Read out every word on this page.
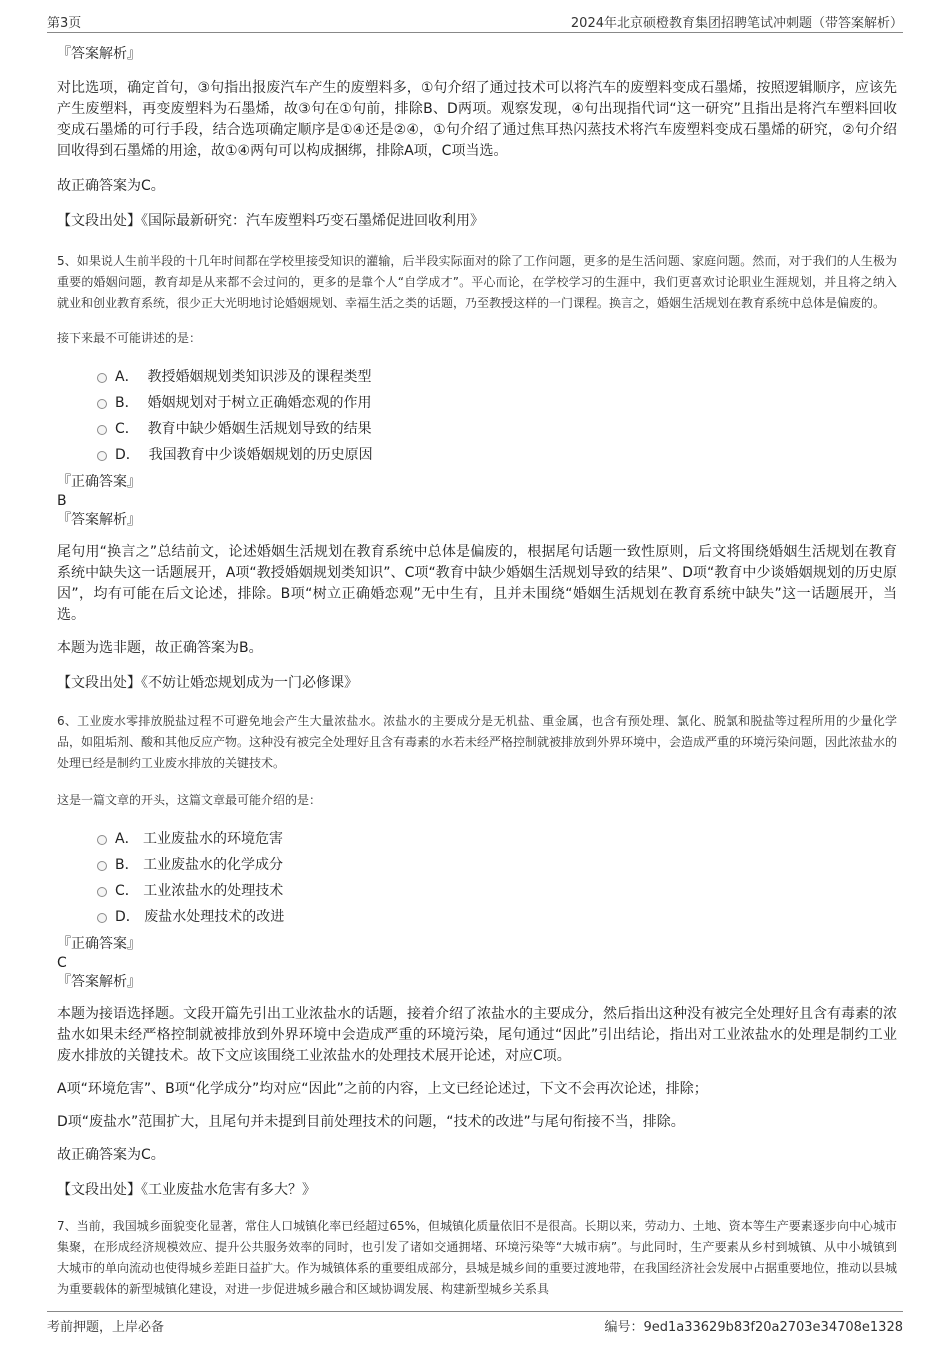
第3页	2024年北京硕橙教育集团招聘笔试冲刺题（带答案解析）

『答案解析』

对比选项，确定首句，③句指出报废汽车产生的废塑料多，①句介绍了通过技术可以将汽车的废塑料变成石墨烯，按照逻辑顺序，应该先产生废塑料，再变废塑料为石墨烯，故③句在①句前，排除B、D两项。观察发现，④句出现指代词“这一研究”且指出是将汽车塑料回收变成石墨烯的可行手段，结合选项确定顺序是①④还是②④，①句介绍了通过焦耳热闪蒸技术将汽车废塑料变成石墨烯的研究，②句介绍回收得到石墨烯的用途，故①④两句可以构成捆绑，排除A项，C项当选。

故正确答案为C。

【文段出处】《国际最新研究：汽车废塑料巧变石墨烯促进回收利用》

5、如果说人生前半段的十几年时间都在学校里接受知识的灌输，后半段实际面对的除了工作问题，更多的是生活问题、家庭问题。然而，对于我们的人生极为重要的婚姻问题，教育却是从来都不会过问的，更多的是靠个人“自学成才”。平心而论，在学校学习的生涯中，我们更喜欢讨论职业生涯规划，并且将之纳入就业和创业教育系统，很少正大光明地讨论婚姻规划、幸福生活之类的话题，乃至教授这样的一门课程。换言之，婚姻生活规划在教育系统中总体是偏废的。

接下来最不可能讲述的是：

A． 教授婚姻规划类知识涉及的课程类型
B． 婚姻规划对于树立正确婚恋观的作用
C． 教育中缺少婚姻生活规划导致的结果
D． 我国教育中少谈婚姻规划的历史原因

『正确答案』

B

『答案解析』

尾句用“换言之”总结前文，论述婚姻生活规划在教育系统中总体是偏废的，根据尾句话题一致性原则，后文将围绕婚姻生活规划在教育系统中缺失这一话题展开，A项“教授婚姻规划类知识”、C项“教育中缺少婚姻生活规划导致的结果”、D项“教育中少谈婚姻规划的历史原因”，均有可能在后文论述，排除。B项“树立正确婚恋观”无中生有，且并未围绕“婚姻生活规划在教育系统中缺失”这一话题展开，当选。

本题为选非题，故正确答案为B。

【文段出处】《不妨让婚恋规划成为一门必修课》

6、工业废水零排放脱盐过程不可避免地会产生大量浓盐水。浓盐水的主要成分是无机盐、重金属，也含有预处理、氯化、脱氯和脱盐等过程所用的少量化学品，如阻垢剂、酸和其他反应产物。这种没有被完全处理好且含有毒素的水若未经严格控制就被排放到外界环境中，会造成严重的环境污染问题，因此浓盐水的处理已经是制约工业废水排放的关键技术。

这是一篇文章的开头，这篇文章最可能介绍的是：

A． 工业废盐水的环境危害
B． 工业废盐水的化学成分
C． 工业浓盐水的处理技术
D． 废盐水处理技术的改进

『正确答案』

C

『答案解析』

本题为接语选择题。文段开篇先引出工业浓盐水的话题，接着介绍了浓盐水的主要成分，然后指出这种没有被完全处理好且含有毒素的浓盐水如果未经严格控制就被排放到外界环境中会造成严重的环境污染，尾句通过“因此”引出结论，指出对工业浓盐水的处理是制约工业废水排放的关键技术。故下文应该围绕工业浓盐水的处理技术展开论述，对应C项。

A项“环境危害”、B项“化学成分”均对应“因此”之前的内容，上文已经论述过，下文不会再次论述，排除；

D项“废盐水”范围扩大，且尾句并未提到目前处理技术的问题，“技术的改进”与尾句衔接不当，排除。

故正确答案为C。

【文段出处】《工业废盐水危害有多大？》

7、当前，我国城乡面貌变化显著，常住人口城镇化率已经超过65%，但城镇化质量依旧不是很高。长期以来，劳动力、土地、资本等生产要素逐步向中心城市集聚，在形成经济规模效应、提升公共服务效率的同时，也引发了诸如交通拥堵、环境污染等“大城市病”。与此同时，生产要素从乡村到城镇、从中小城镇到大城市的单向流动也使得城乡差距日益扩大。作为城镇体系的重要组成部分，县城是城乡间的重要过渡地带，在我国经济社会发展中占据重要地位，推动以县城为重要载体的新型城镇化建设，对进一步促进城乡融合和区域协调发展、构建新型城乡关系具

考前押题，上岸必备	编号：9ed1a33629b83f20a2703e34708e1328
